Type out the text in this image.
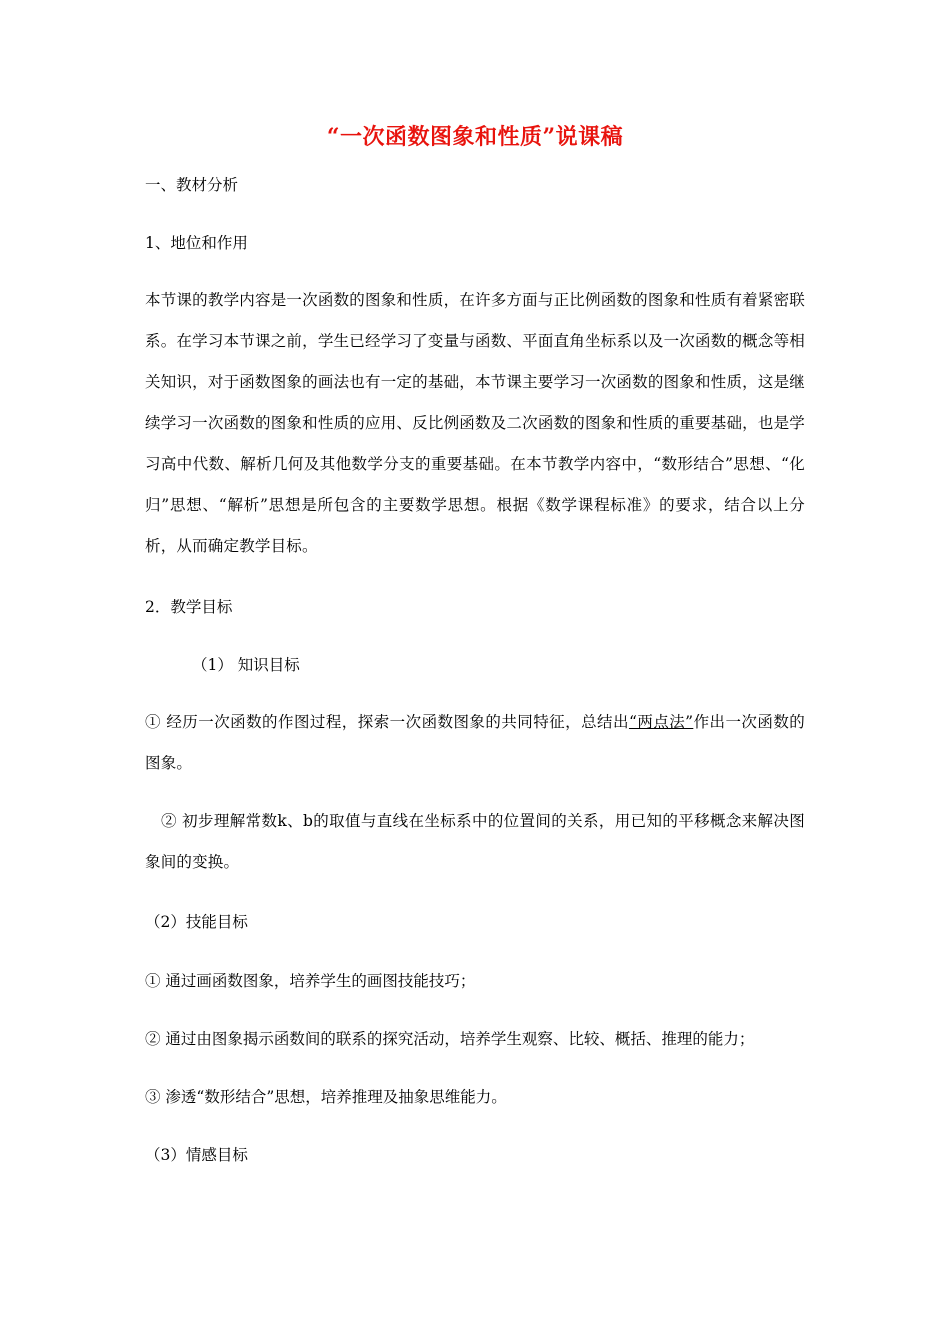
“一次函数图象和性质”说课稿

一、教材分析

1、地位和作用

本节课的教学内容是一次函数的图象和性质，在许多方面与正比例函数的图象和性质有着紧密联系。在学习本节课之前，学生已经学习了变量与函数、平面直角坐标系以及一次函数的概念等相关知识，对于函数图象的画法也有一定的基础，本节课主要学习一次函数的图象和性质，这是继续学习一次函数的图象和性质的应用、反比例函数及二次函数的图象和性质的重要基础，也是学习高中代数、解析几何及其他数学分支的重要基础。在本节教学内容中，“数形结合”思想、“化归”思想、“解析”思想是所包含的主要数学思想。根据《数学课程标准》的要求，结合以上分析，从而确定教学目标。

2．教学目标

（1） 知识目标

① 经历一次函数的作图过程，探索一次函数图象的共同特征，总结出“两点法”作出一次函数的图象。

② 初步理解常数k、b的取值与直线在坐标系中的位置间的关系，用已知的平移概念来解决图象间的变换。

（2）技能目标

① 通过画函数图象，培养学生的画图技能技巧；

② 通过由图象揭示函数间的联系的探究活动，培养学生观察、比较、概括、推理的能力；

③ 渗透“数形结合”思想，培养推理及抽象思维能力。

（3）情感目标
